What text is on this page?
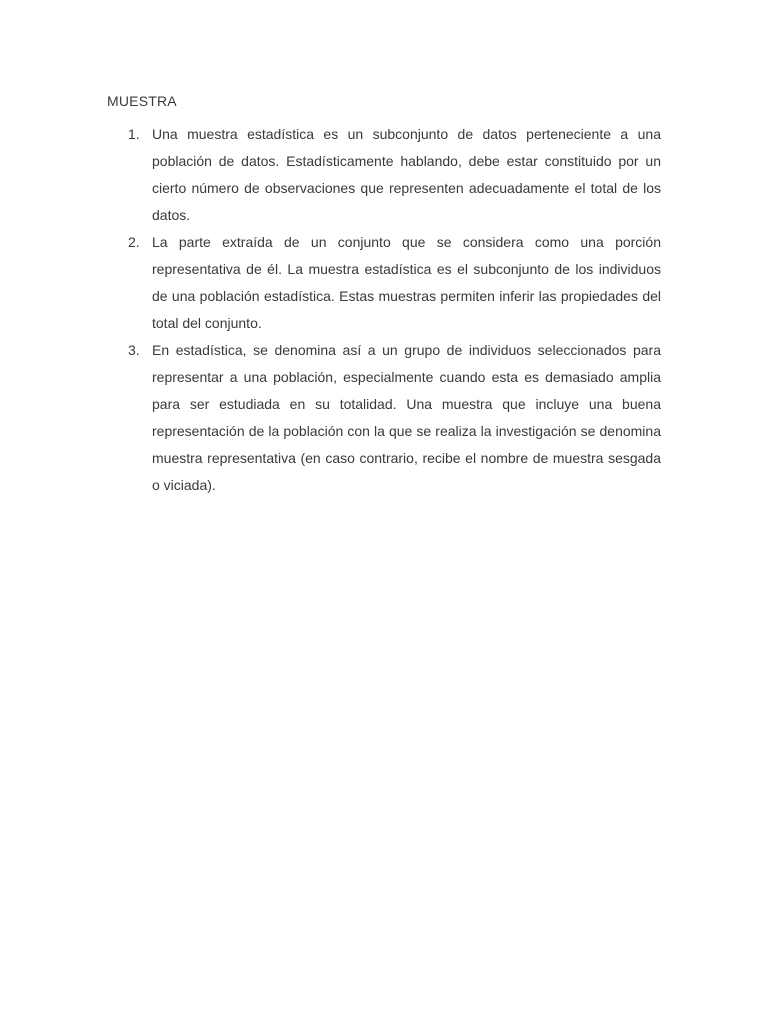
MUESTRA
1. Una muestra estadística es un subconjunto de datos perteneciente a una población de datos. Estadísticamente hablando, debe estar constituido por un cierto número de observaciones que representen adecuadamente el total de los datos.
2. La parte extraída de un conjunto que se considera como una porción representativa de él. La muestra estadística es el subconjunto de los individuos de una población estadística. Estas muestras permiten inferir las propiedades del total del conjunto.
3. En estadística, se denomina así a un grupo de individuos seleccionados para representar a una población, especialmente cuando esta es demasiado amplia para ser estudiada en su totalidad. Una muestra que incluye una buena representación de la población con la que se realiza la investigación se denomina muestra representativa (en caso contrario, recibe el nombre de muestra sesgada o viciada).
